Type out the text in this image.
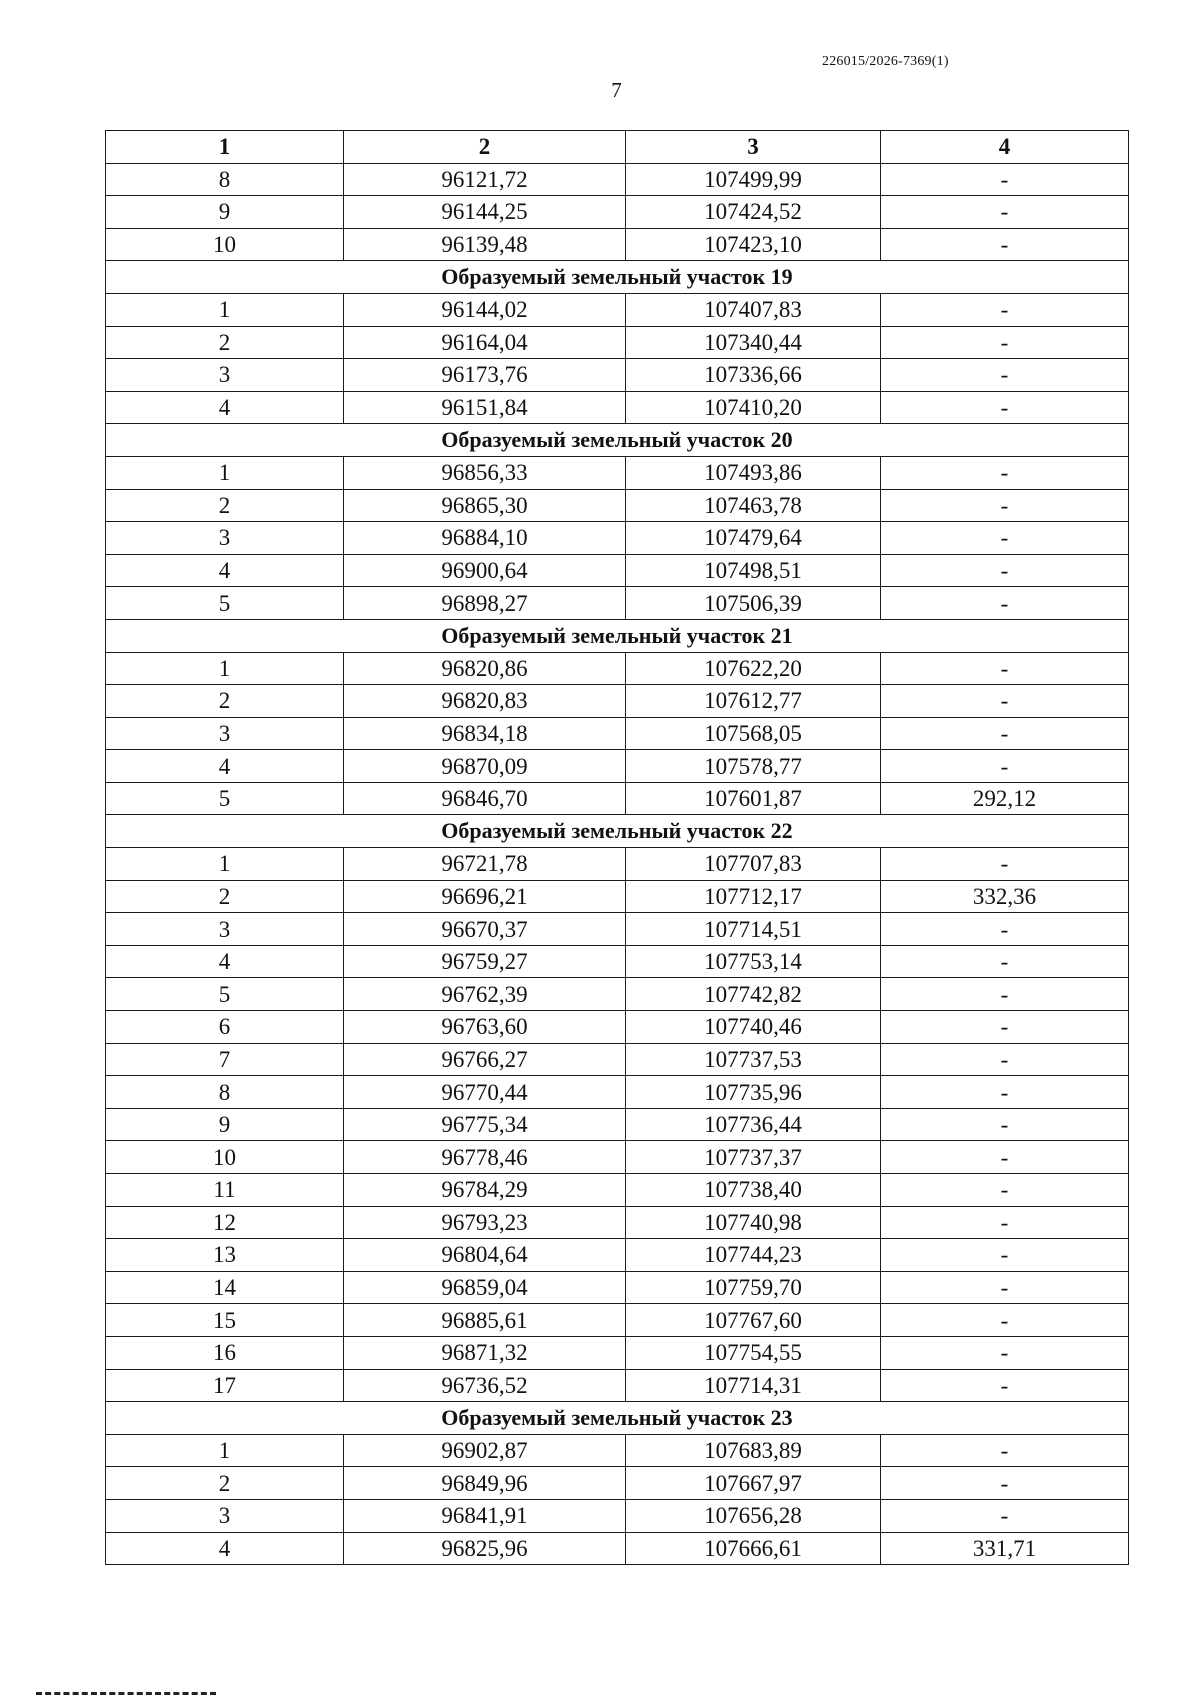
226015/2026-7369(1)
7
1	2	3	4
8	96121,72	107499,99	-
9	96144,25	107424,52	-
10	96139,48	107423,10	-
Образуемый земельный участок 19			
1	96144,02	107407,83	-
2	96164,04	107340,44	-
3	96173,76	107336,66	-
4	96151,84	107410,20	-
Образуемый земельный участок 20			
1	96856,33	107493,86	-
2	96865,30	107463,78	-
3	96884,10	107479,64	-
4	96900,64	107498,51	-
5	96898,27	107506,39	-
Образуемый земельный участок 21			
1	96820,86	107622,20	-
2	96820,83	107612,77	-
3	96834,18	107568,05	-
4	96870,09	107578,77	-
5	96846,70	107601,87	292,12
Образуемый земельный участок 22			
1	96721,78	107707,83	-
2	96696,21	107712,17	332,36
3	96670,37	107714,51	-
4	96759,27	107753,14	-
5	96762,39	107742,82	-
6	96763,60	107740,46	-
7	96766,27	107737,53	-
8	96770,44	107735,96	-
9	96775,34	107736,44	-
10	96778,46	107737,37	-
11	96784,29	107738,40	-
12	96793,23	107740,98	-
13	96804,64	107744,23	-
14	96859,04	107759,70	-
15	96885,61	107767,60	-
16	96871,32	107754,55	-
17	96736,52	107714,31	-
Образуемый земельный участок 23			
1	96902,87	107683,89	-
2	96849,96	107667,97	-
3	96841,91	107656,28	-
4	96825,96	107666,61	331,71
